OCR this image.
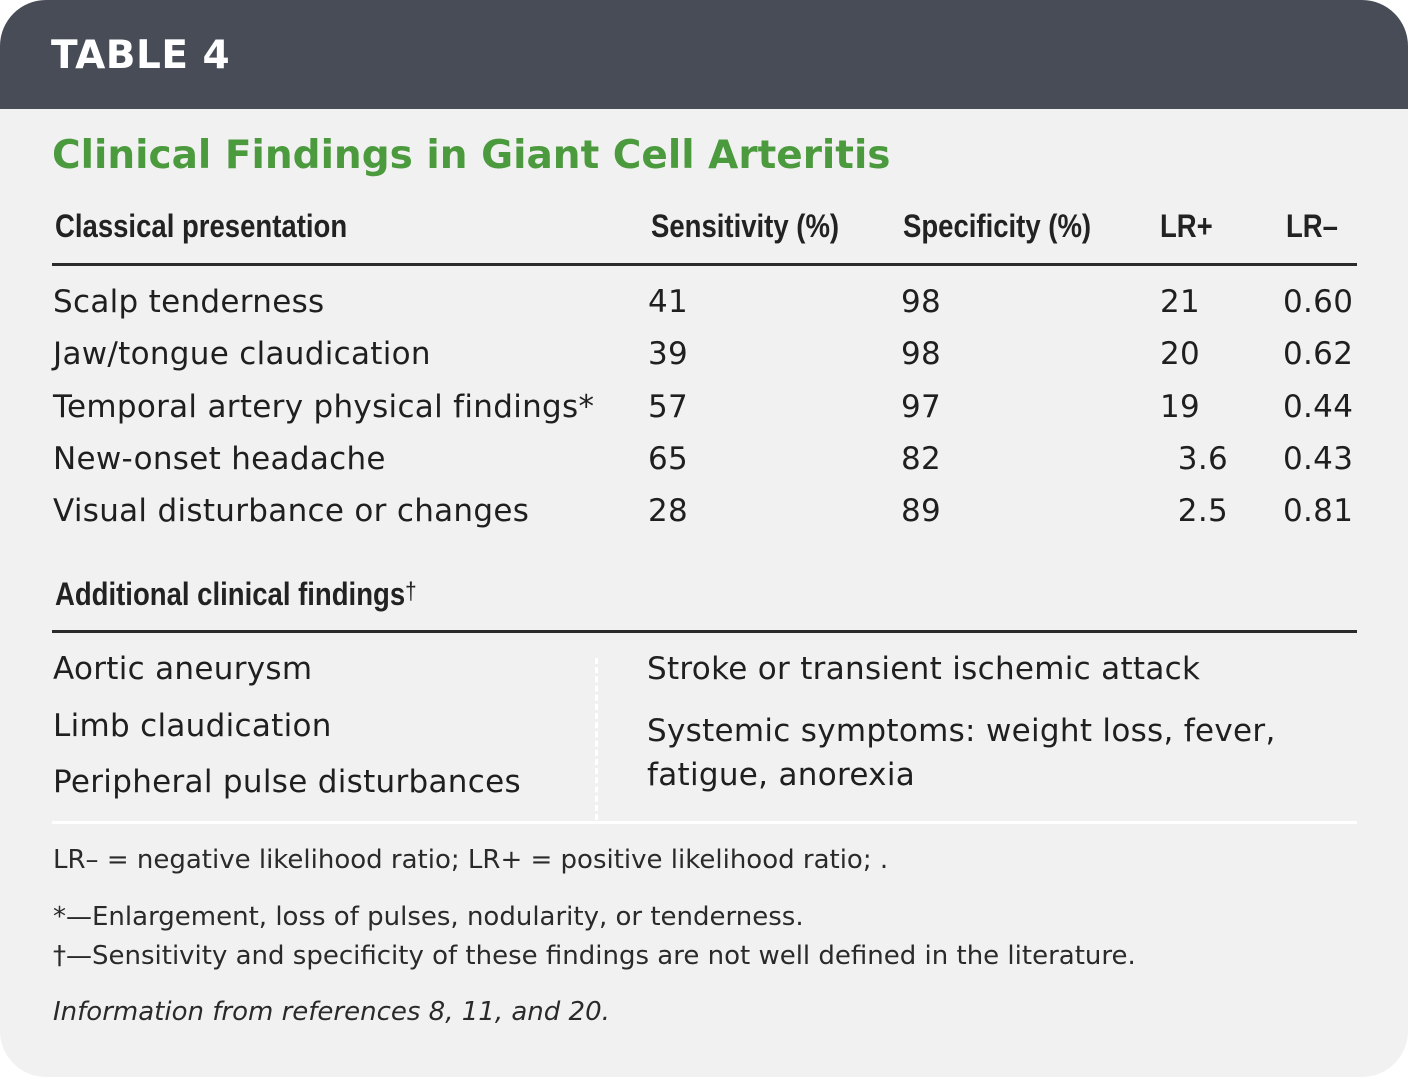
TABLE 4
Clinical Findings in Giant Cell Arteritis
Classical presentation	Sensitivity (%) Specificity (%) LR+ LR–
Scalp tenderness	41	98	21	0.60
Jaw/tongue claudication	39	98	20	0.62
Temporal artery physical findings* 57	97	19	0.44
New-onset headache	65	82	3.6 0.43
Visual disturbance or changes	28	89	2.5 0.81
Additional clinical findings†
Aortic aneurysm
Limb claudication
Peripheral pulse disturbances
Stroke or transient ischemic attack
Systemic symptoms: weight loss, fever, fatigue, anorexia
LR– = negative likelihood ratio; LR+ = positive likelihood ratio; .
*—Enlargement, loss of pulses, nodularity, or tenderness.
†—Sensitivity and specificity of these findings are not well defined in the literature.
Information from references 8, 11, and 20.
